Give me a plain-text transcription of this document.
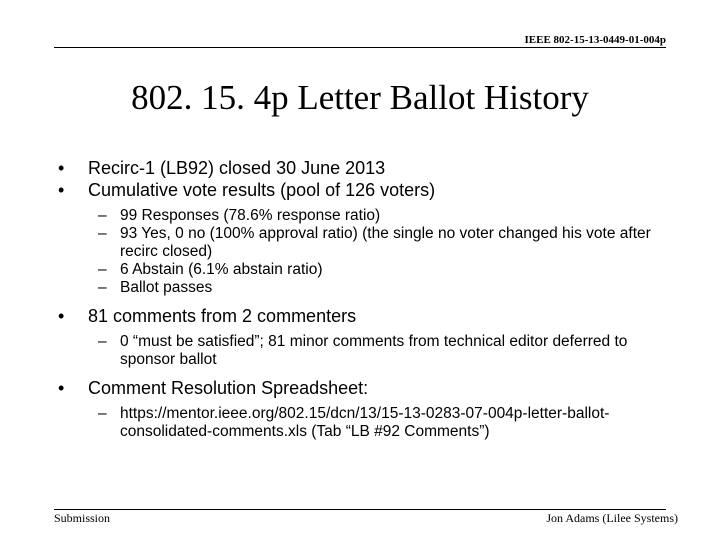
IEEE 802-15-13-0449-01-004p
802. 15. 4p Letter Ballot History
•	Recirc-1 (LB92) closed 30 June 2013
•	Cumulative vote results (pool of 126 voters)
– 99 Responses (78.6% response ratio)
– 93 Yes, 0 no (100% approval ratio) (the single no voter changed his vote after recirc closed)
– 6 Abstain (6.1% abstain ratio)
– Ballot passes
•	81 comments from 2 commenters
– 0 “must be satisfied”; 81 minor comments from technical editor deferred to sponsor ballot
•	Comment Resolution Spreadsheet:
– https://mentor.ieee.org/802.15/dcn/13/15-13-0283-07-004p-letter-ballot-consolidated-comments.xls (Tab “LB #92 Comments”)
Submission	Jon Adams (Lilee Systems)
